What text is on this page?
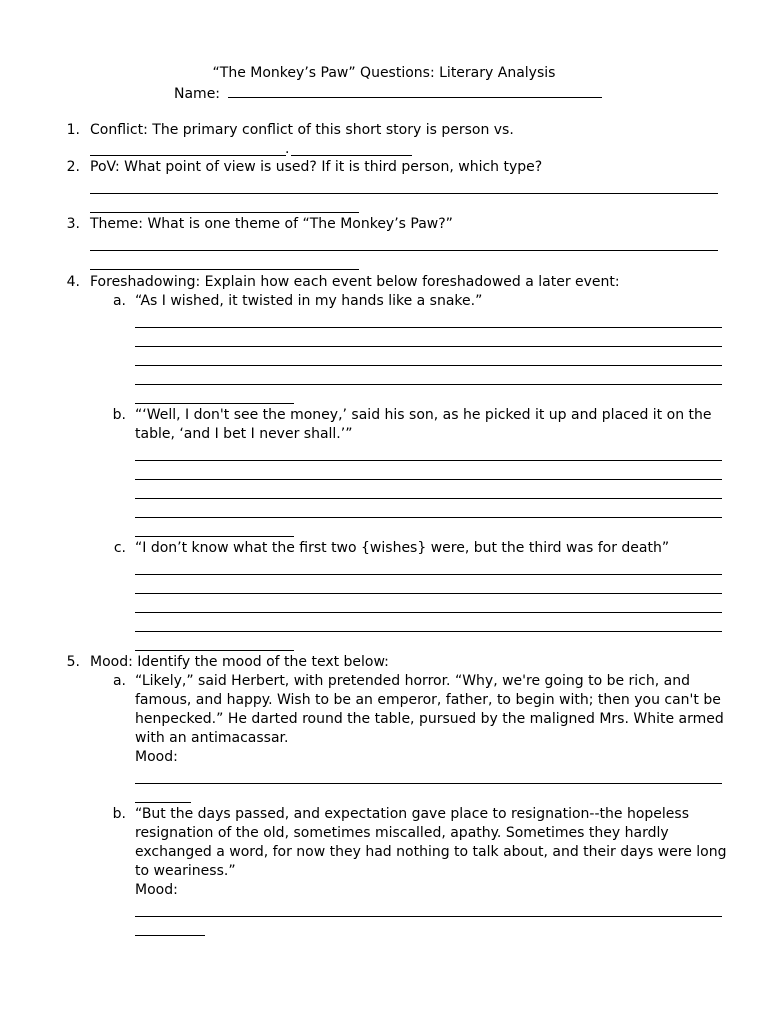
“The Monkey’s Paw” Questions: Literary Analysis
Name:
1. Conflict: The primary conflict of this short story is person vs.
.
2. PoV: What point of view is used? If it is third person, which type?
3. Theme: What is one theme of “The Monkey’s Paw?”
4. Foreshadowing: Explain how each event below foreshadowed a later event:
a. “As I wished, it twisted in my hands like a snake.”
b. “‘Well, I don't see the money,’ said his son, as he picked it up and placed it on the
table, ‘and I bet I never shall.’”
c. “I don’t know what the first two {wishes} were, but the third was for death”
5. Mood: Identify the mood of the text below:
a. “Likely,” said Herbert, with pretended horror. “Why, we're going to be rich, and
famous, and happy. Wish to be an emperor, father, to begin with; then you can't be
henpecked.” He darted round the table, pursued by the maligned Mrs. White armed
with an antimacassar.
Mood:
b. “But the days passed, and expectation gave place to resignation--the hopeless
resignation of the old, sometimes miscalled, apathy. Sometimes they hardly
exchanged a word, for now they had nothing to talk about, and their days were long
to weariness.”
Mood:
